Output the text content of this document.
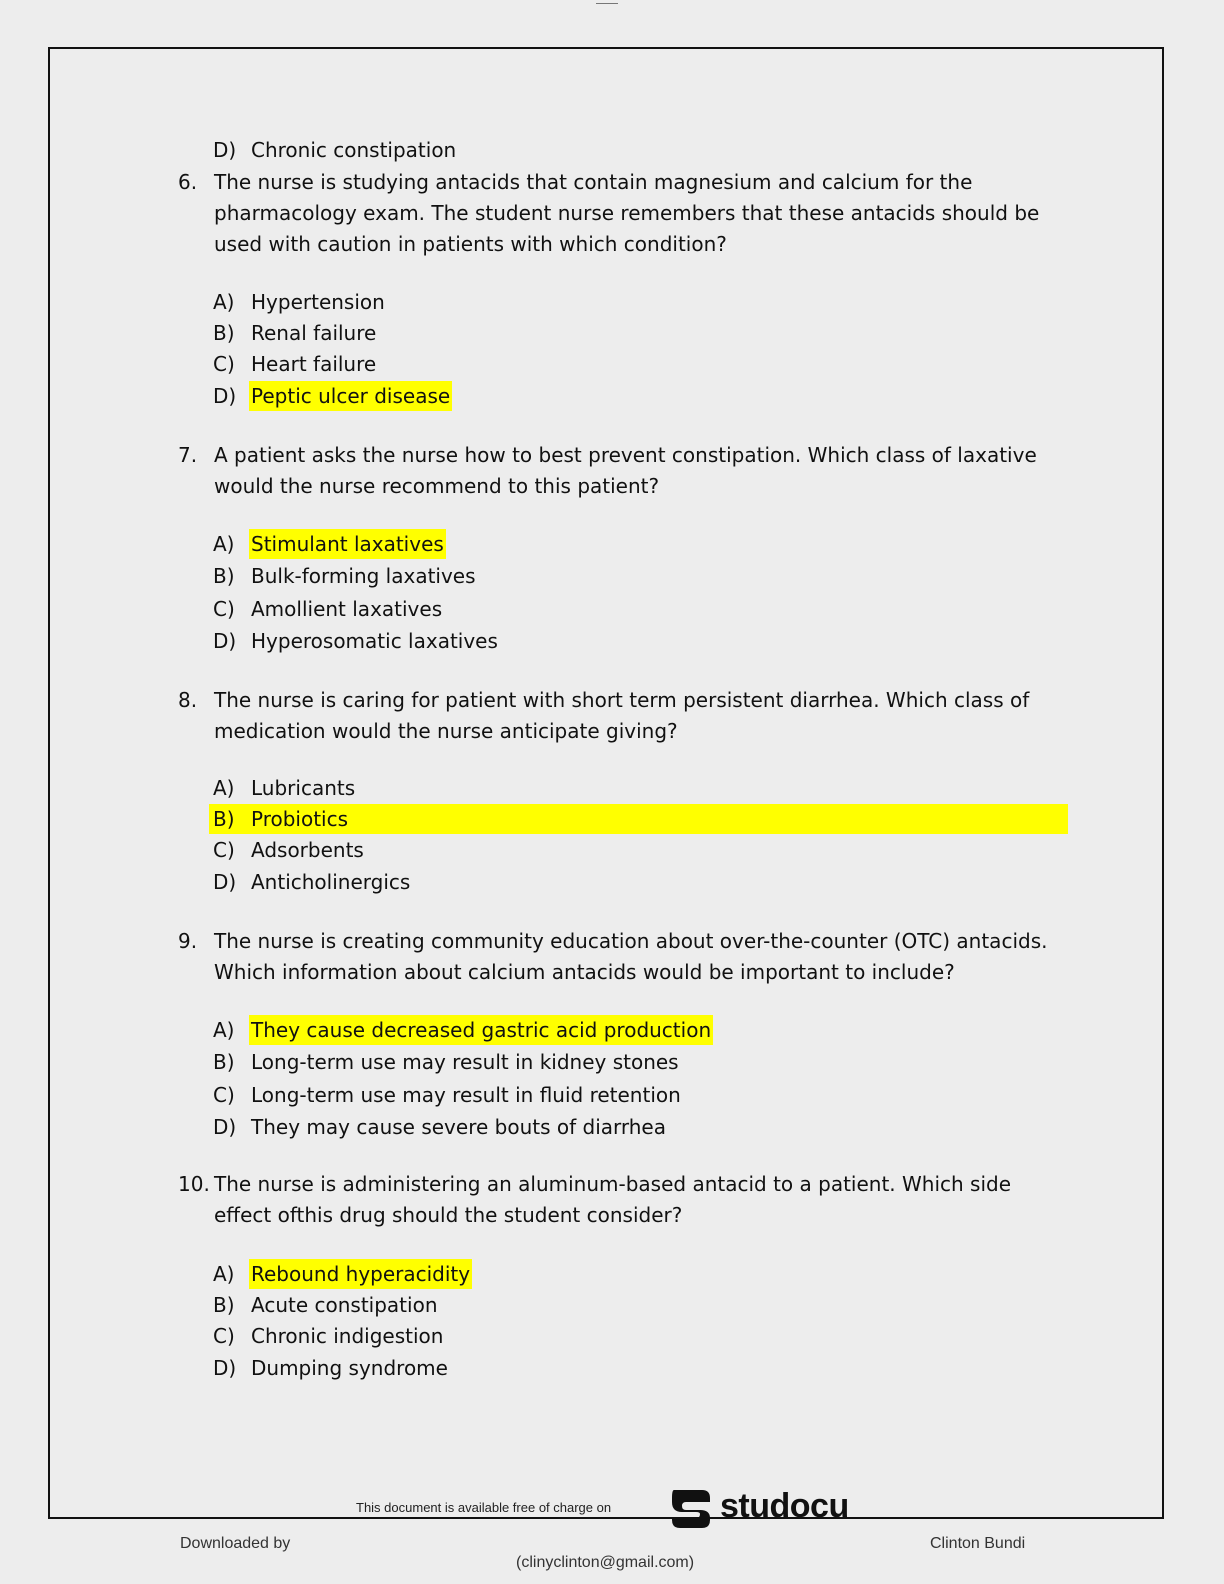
D) Chronic constipation
6. The nurse is studying antacids that contain magnesium and calcium for the pharmacology exam. The student nurse remembers that these antacids should be used with caution in patients with which condition?
A) Hypertension
B) Renal failure
C) Heart failure
D) Peptic ulcer disease
7. A patient asks the nurse how to best prevent constipation. Which class of laxative would the nurse recommend to this patient?
A) Stimulant laxatives
B) Bulk-forming laxatives
C) Amollient laxatives
D) Hyperosomatic laxatives
8. The nurse is caring for patient with short term persistent diarrhea. Which class of medication would the nurse anticipate giving?
A) Lubricants
B) Probiotics
C) Adsorbents
D) Anticholinergics
9. The nurse is creating community education about over-the-counter (OTC) antacids. Which information about calcium antacids would be important to include?
A) They cause decreased gastric acid production
B) Long-term use may result in kidney stones
C) Long-term use may result in fluid retention
D) They may cause severe bouts of diarrhea
10. The nurse is administering an aluminum-based antacid to a patient. Which side effect ofthis drug should the student consider?
A) Rebound hyperacidity
B) Acute constipation
C) Chronic indigestion
D) Dumping syndrome
This document is available free of charge on	studocu
Downloaded by	Clinton Bundi
(clinyclinton@gmail.com)
